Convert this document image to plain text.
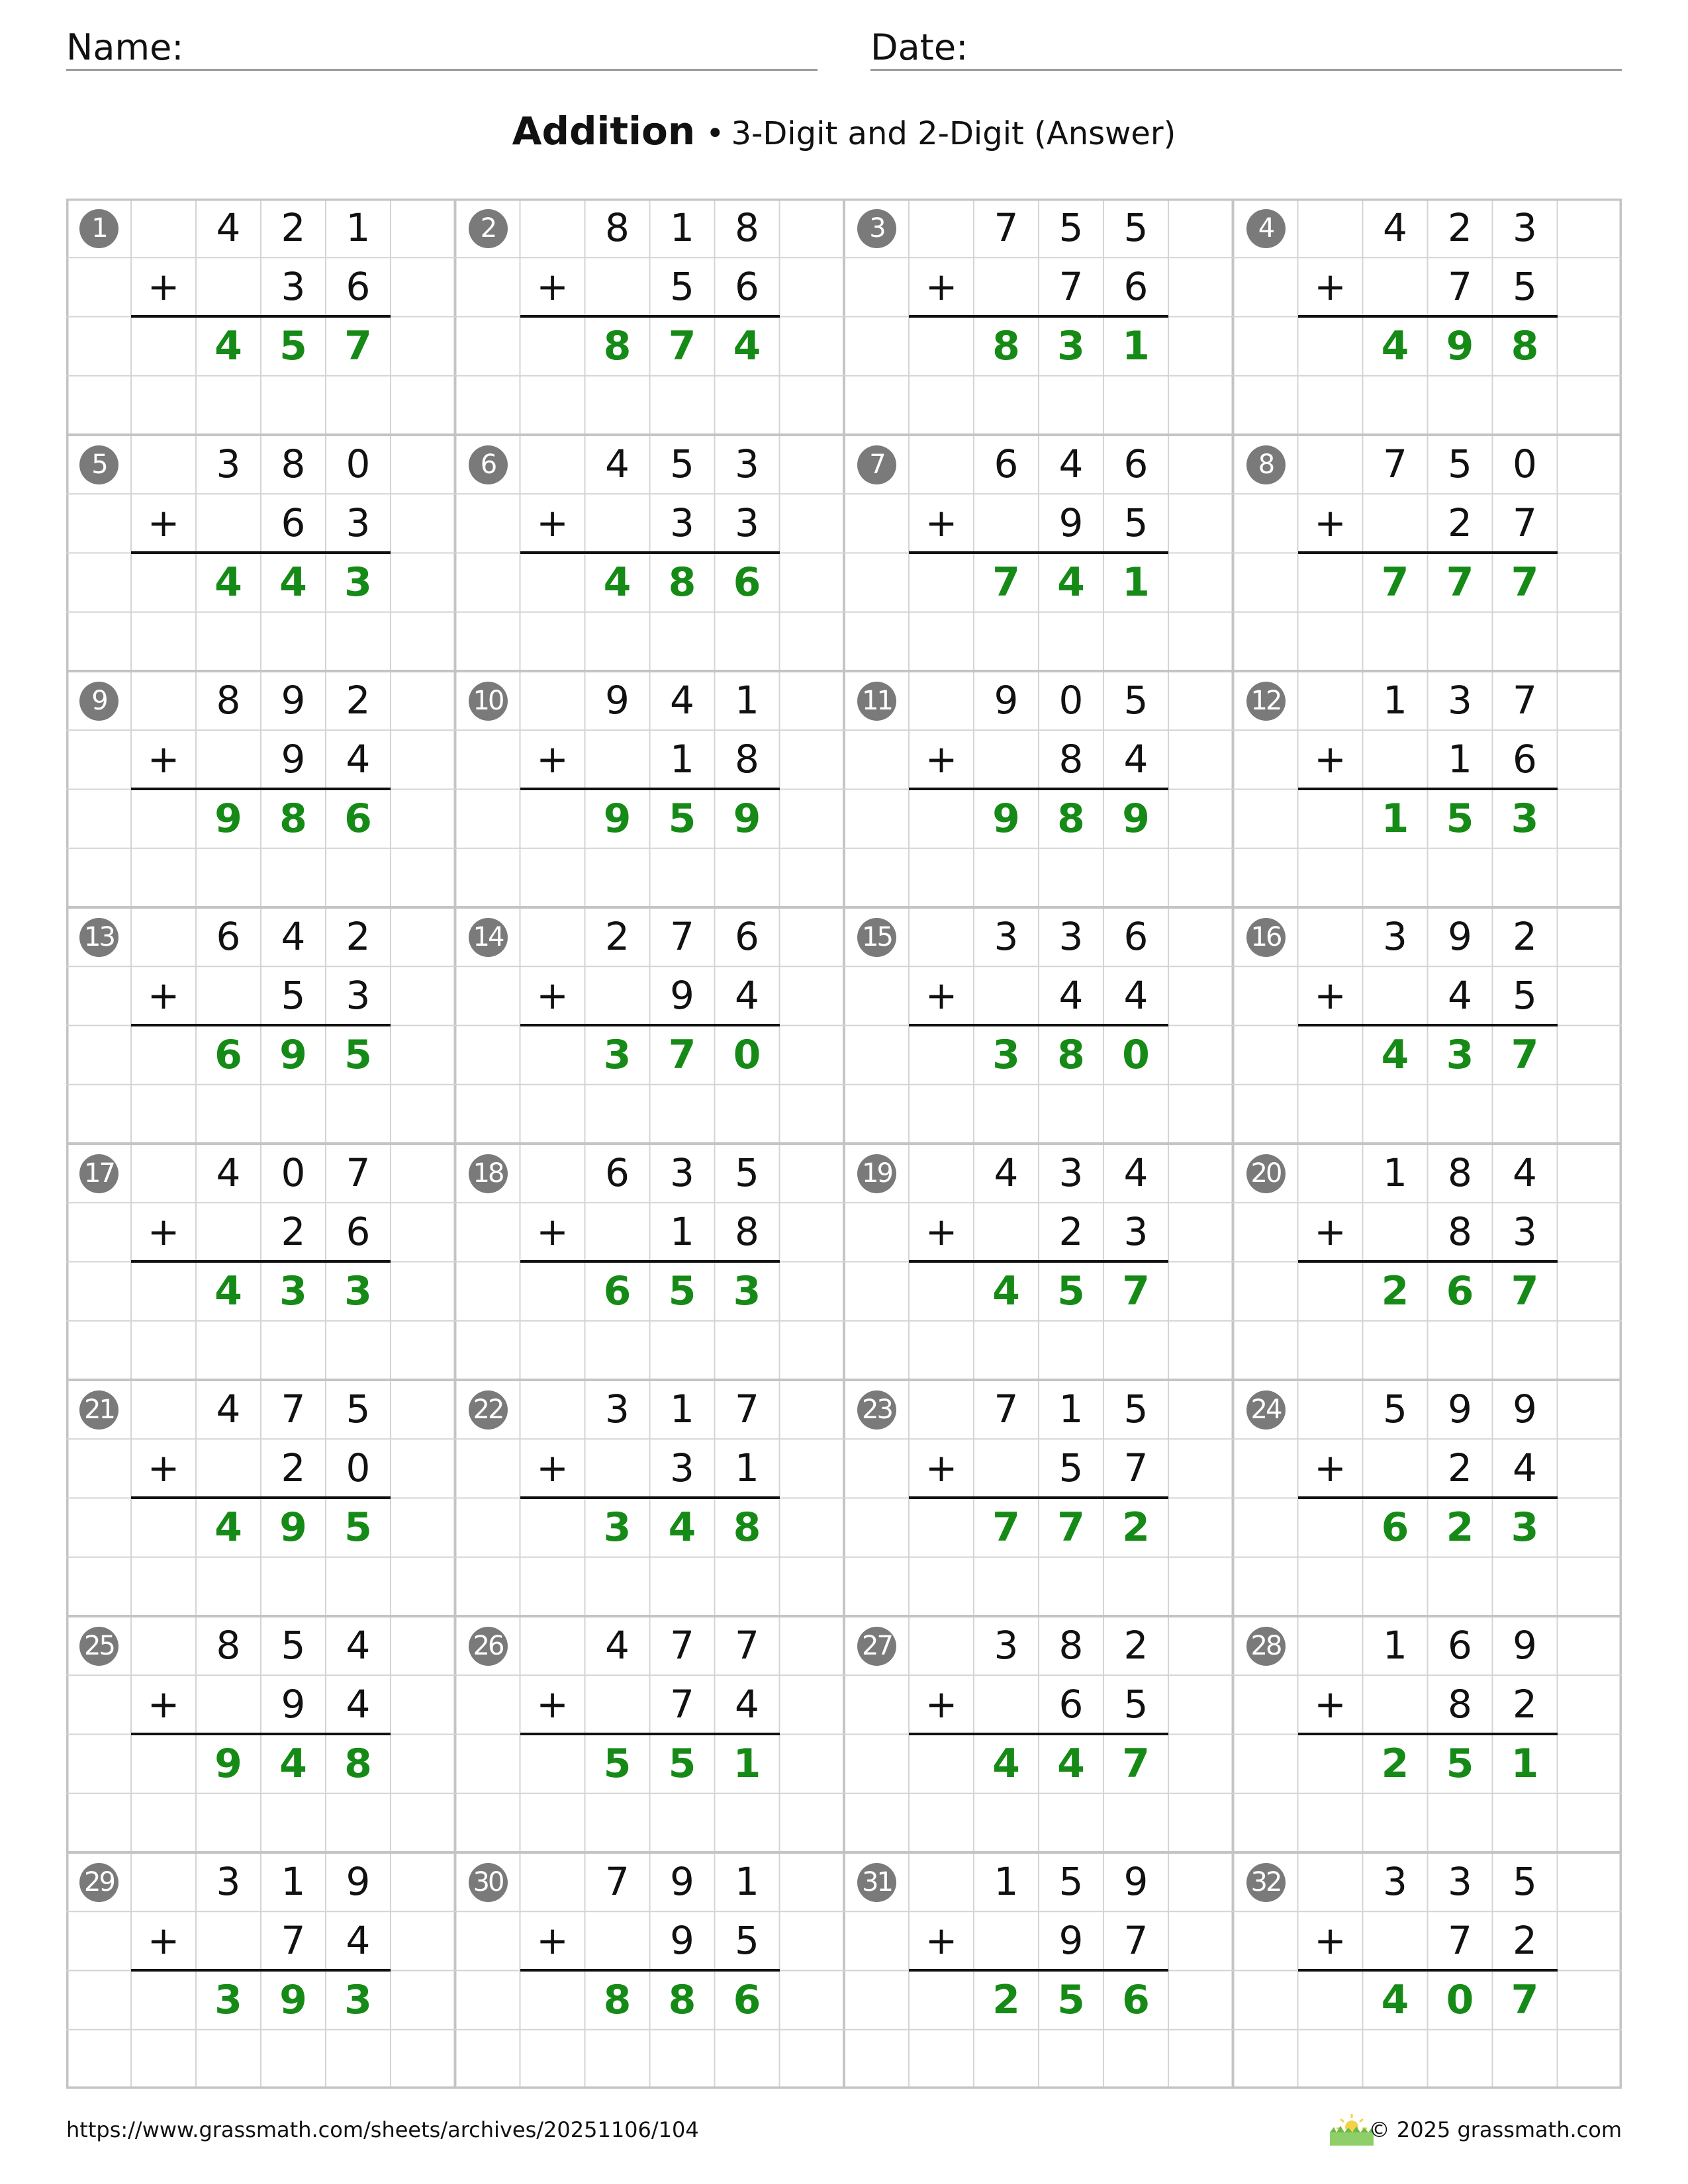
Name:	Date:
Addition • 3-Digit and 2-Digit (Answer)
1	4	2	1
+	3	6
4 5 7
2	8	1	8
+	5	6
8 7 4
3	7	5	5
+	7	6
8 3 1
4	4	2	3
+	7	5
4 9 8
5	3	8	0
+	6	3
4 4 3
6	4	5	3
+	3	3
4 8 6
7	6	4	6
+	9	5
7 4 1
8	7	5	0
+	2	7
7 7 7
9	8	9	2
+	9	4
9 8 6
10	9	4	1
+	1	8
9 5 9
11	9	0	5
+	8	4
9 8 9
12	1	3	7
+	1	6
1 5 3
13	6	4	2
+	5	3
6 9 5
14	2	7	6
+	9	4
3 7 0
15	3	3	6
+	4	4
3 8 0
16	3	9	2
+	4	5
4 3 7
17	4	0	7
+	2	6
4 3 3
18	6	3	5
+	1	8
6 5 3
19	4	3	4
+	2	3
4 5 7
20	1	8	4
+	8	3
2 6 7
21	4	7	5
+	2	0
4 9 5
22	3	1	7
+	3	1
3 4 8
23	7	1	5
+	5	7
7 7 2
24	5	9	9
+	2	4
6 2 3
25	8	5	4
+	9	4
9 4 8
26	4	7	7
+	7	4
5 5 1
27	3	8	2
+	6	5
4 4 7
28	1	6	9
+	8	2
2 5 1
29	3	1	9
+	7	4
3 9 3
30	7	9	1
+	9	5
8 8 6
31	1	5	9
+	9	7
2 5 6
32	3	3	5
+	7	2
4 0 7
https://www.grassmath.com/sheets/archives/20251106/104	© 2025 grassmath.com
